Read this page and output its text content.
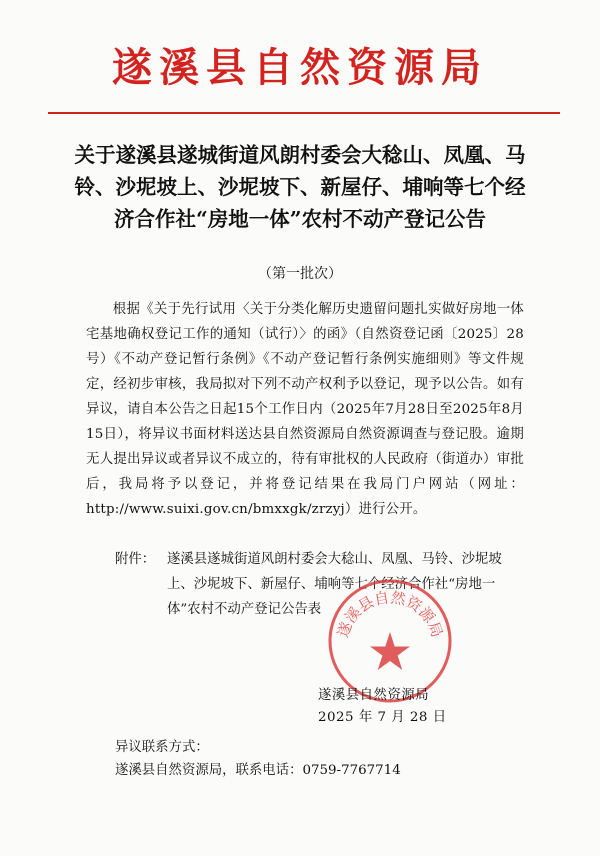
遂溪县自然资源局
关于遂溪县遂城街道风朗村委会大稔山、凤凰、马铃、沙坭坡上、沙坭坡下、新屋仔、埔响等七个经济合作社“房地一体”农村不动产登记公告
（第一批次）
根据《关于先行试用〈关于分类化解历史遗留问题扎实做好房地一体宅基地确权登记工作的通知（试行）〉的函》（自然资登记函〔2025〕28号）《不动产登记暂行条例》《不动产登记暂行条例实施细则》等文件规定，经初步审核，我局拟对下列不动产权利予以登记，现予以公告。如有异议，请自本公告之日起15个工作日内（2025年7月28日至2025年8月15日），将异议书面材料送达县自然资源局自然资源调查与登记股。逾期无人提出异议或者异议不成立的，待有审批权的人民政府（街道办）审批后，我局将予以登记，并将登记结果在我局门户网站（网址：http://www.suixi.gov.cn/bmxxgk/zrzyj）进行公开。
附件： 遂溪县遂城街道风朗村委会大稔山、凤凰、马铃、沙坭坡上、沙坭坡下、新屋仔、埔响等七个经济合作社“房地一体”农村不动产登记公告表
遂溪县自然资源局
遂溪县自然资源局
2025 年 7 月 28 日
异议联系方式：
遂溪县自然资源局，联系电话：0759-7767714
